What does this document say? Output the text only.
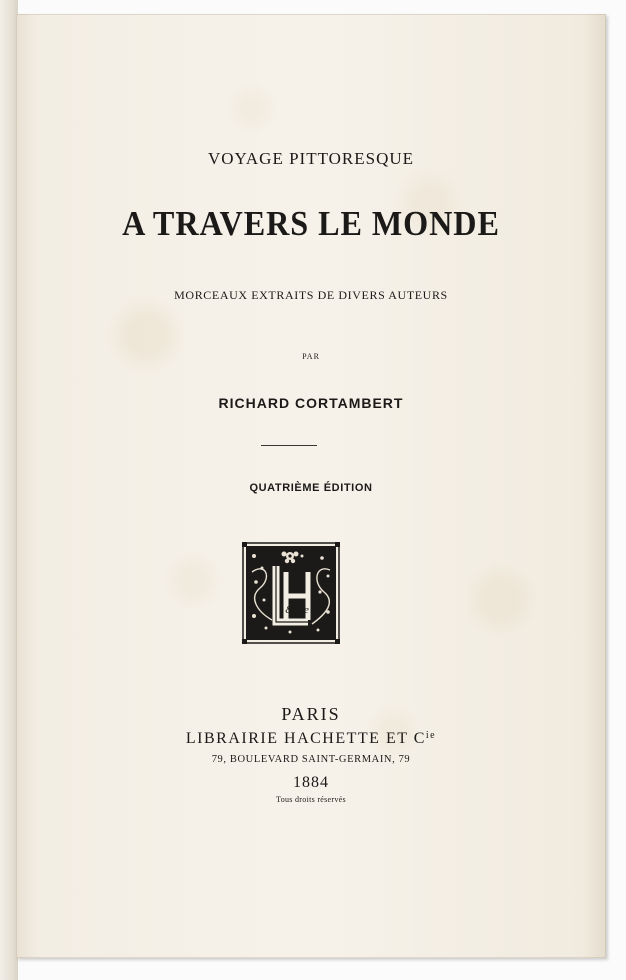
VOYAGE PITTORESQUE
A TRAVERS LE MONDE
MORCEAUX EXTRAITS DE DIVERS AUTEURS
PAR
RICHARD CORTAMBERT
QUATRIÈME ÉDITION
&Cie
PARIS
LIBRAIRIE HACHETTE ET $C^{ie}$
79, BOULEVARD SAINT-GERMAIN, 79
1884
Tous droits réservés
